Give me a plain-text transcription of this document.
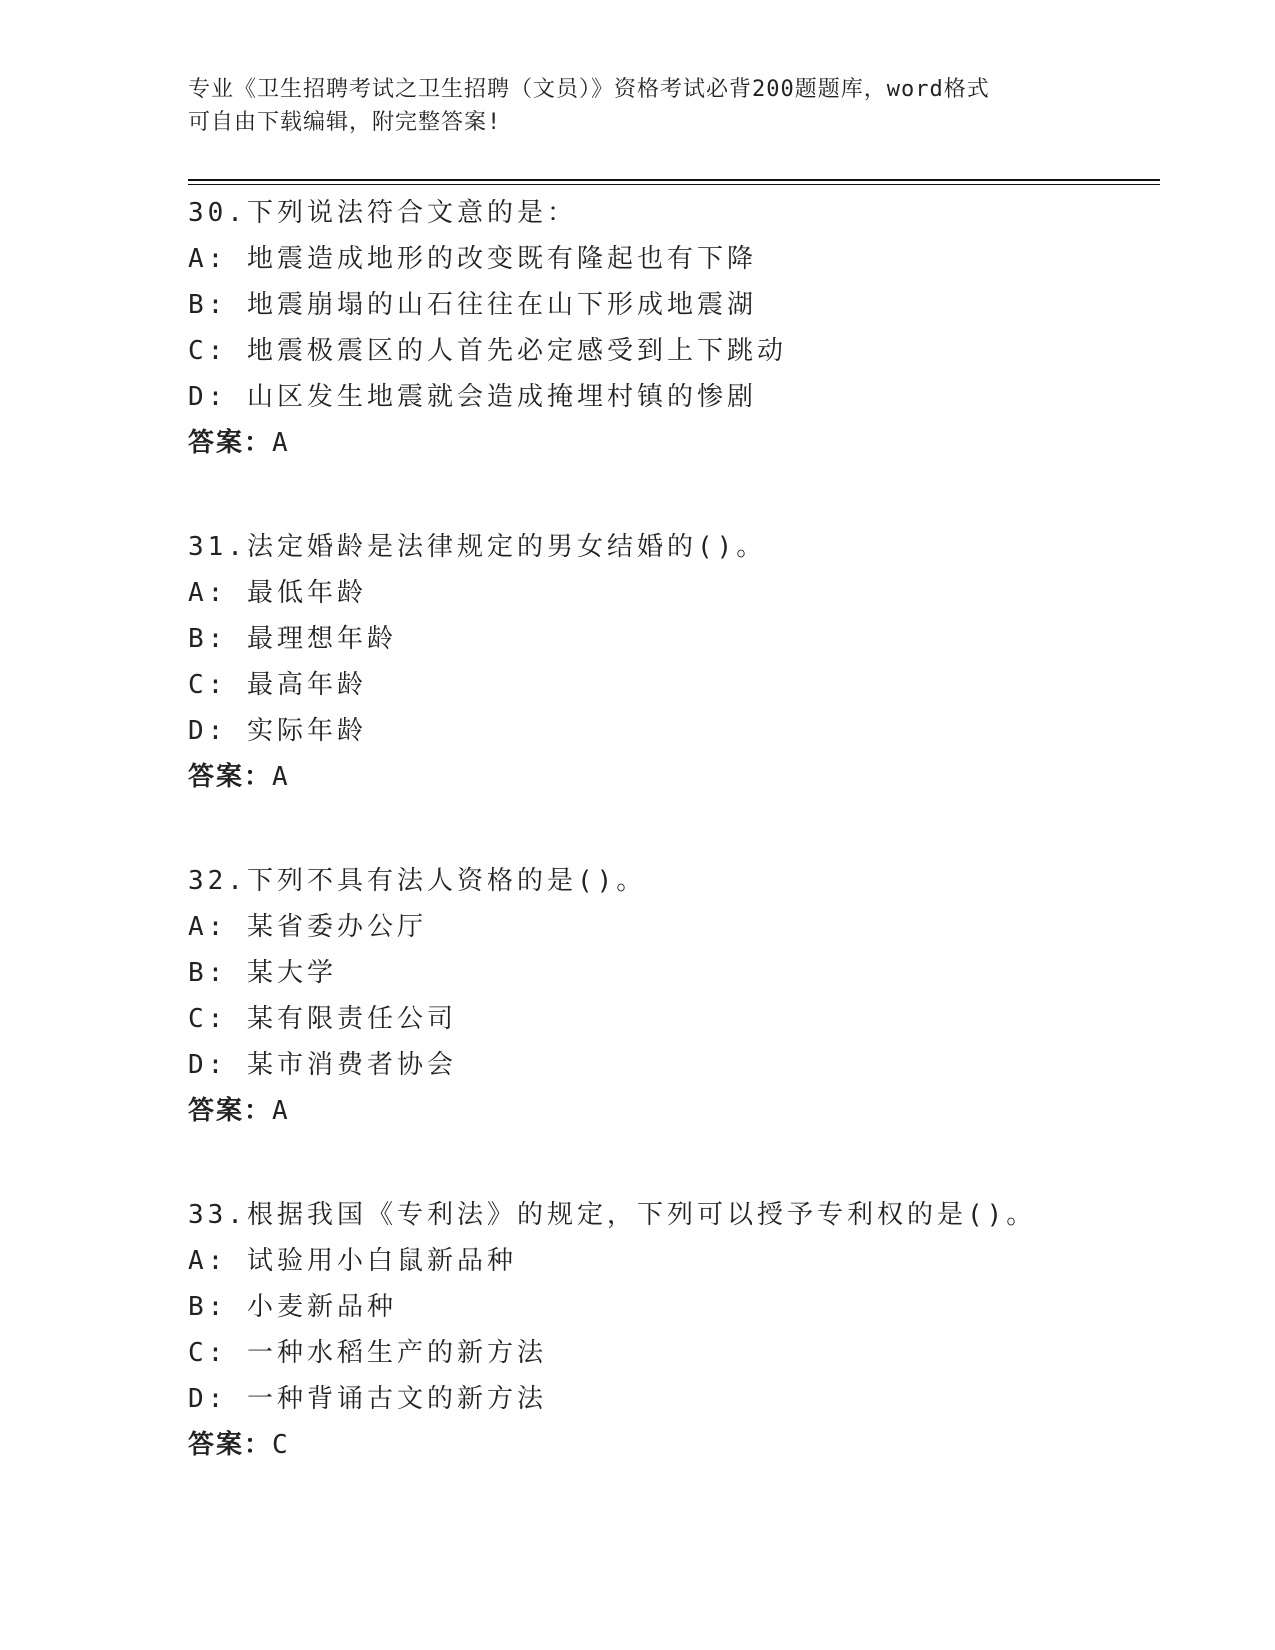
专业《卫生招聘考试之卫生招聘（文员）》资格考试必背200题题库，word格式
可自由下载编辑，附完整答案!
30.下列说法符合文意的是：
A: 地震造成地形的改变既有隆起也有下降
B: 地震崩塌的山石往往在山下形成地震湖
C: 地震极震区的人首先必定感受到上下跳动
D: 山区发生地震就会造成掩埋村镇的惨剧
答案：A
31.法定婚龄是法律规定的男女结婚的()。
A: 最低年龄
B: 最理想年龄
C: 最高年龄
D: 实际年龄
答案：A
32.下列不具有法人资格的是()。
A: 某省委办公厅
B: 某大学
C: 某有限责任公司
D: 某市消费者协会
答案：A
33.根据我国《专利法》的规定，下列可以授予专利权的是()。
A: 试验用小白鼠新品种
B: 小麦新品种
C: 一种水稻生产的新方法
D: 一种背诵古文的新方法
答案：C
